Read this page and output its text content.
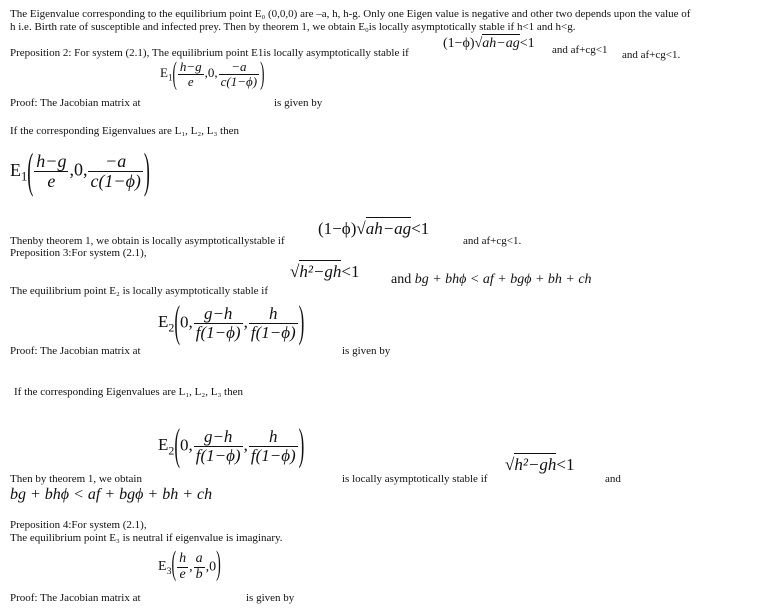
The Eigenvalue corresponding to the equilibrium point E₀ (0,0,0) are –a, h, h-g. Only one Eigen value is negative and other two depends upon the value of
h i.e. Birth rate of susceptible and infected prey. Then by theorem 1, we obtain E₀is locally asymptotically stable if h<1 and h<g.
Preposition 2: For system (2.1), The equilibrium point E1is locally asymptotically stable if
(1−ϕ)√ah−ag<1 and af+cg<1 and af+cg<1.
$E_1( \frac{h-g}{e} ,0$, $\frac{-a}{c(1-\phi)}$ )
Proof: The Jacobian matrix at	is given by
If the corresponding Eigenvalues are L₁, L₂, L₃ then
$E_1( \frac{h-g}{e} ,0$, $\frac{-a}{c(1-\phi)}$ )
Thenby theorem 1, we obtain is locally asymptoticallystable if
(1−ϕ)√ah−ag<1
and af+cg<1.
Preposition 3:For system (2.1),
The equilibrium point E₂ is locally asymptotically stable if
√h²−gh<1 and bg + bhϕ < af + bgϕ + bh + ch
$E_2(0$, $\frac{g-h}{f(1-\phi)}$ , $\frac{h}{f(1-\phi)}$ )
Proof: The Jacobian matrix at	is given by
If the corresponding Eigenvalues are L₁, L₂, L₃ then
$E_2(0$, $\frac{g-h}{f(1-\phi)}$ , $\frac{h}{f(1-\phi)}$ )
Then by theorem 1, we obtain	is locally asymptotically stable if
√h²−gh<1
and
bg + bhϕ < af + bgϕ + bh + ch
Preposition 4:For system (2.1),
The equilibrium point E₃ is neutral if eigenvalue is imaginary.
$E_3( \frac{h}{e}$ , $\frac{a}{b} ,0$)
Proof: The Jacobian matrix at	is given by
